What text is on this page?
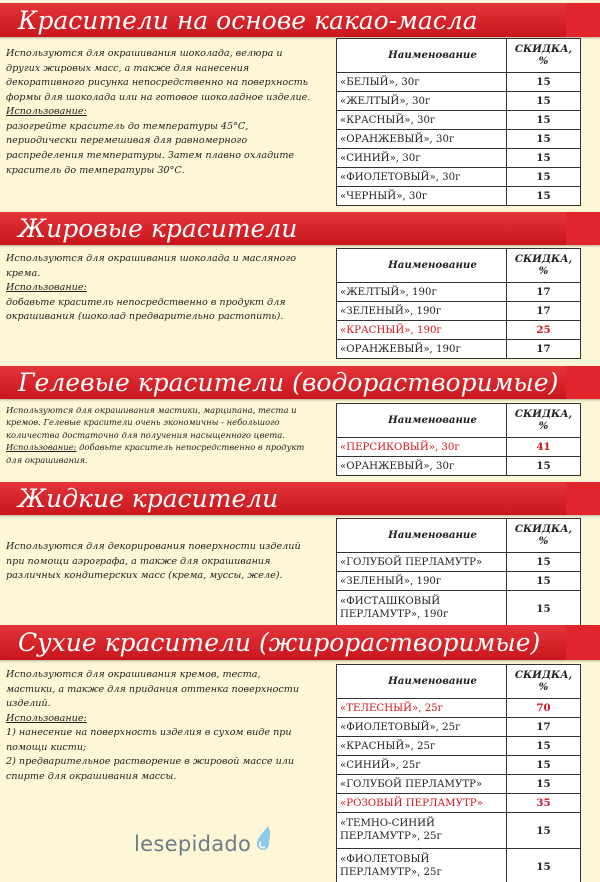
Красители на основе какао-масла

Используются для окрашивания шоколада, велюра и

других жировых масс, а также для нанесения

декоративного рисунка непосредственно на поверхность

формы для шоколада или на готовое шоколадное изделие.

Использование:

разогрейте краситель до температуры 45°С,

периодически перемешивая для равномерного

распределения температуры. Затем плавно охладите

краситель до температуры 30°С.

Наименование	СКИДКА, %
«БЕЛЫЙ», 30г	15
«ЖЕЛТЫЙ», 30г	15
«КРАСНЫЙ», 30г	15
«ОРАНЖЕВЫЙ», 30г	15
«СИНИЙ», 30г	15
«ФИОЛЕТОВЫЙ», 30г	15
«ЧЕРНЫЙ», 30г	15
Жировые красители

Используются для окрашивания шоколада и масляного

крема.

Использование:

добавьте краситель непосредственно в продукт для

окрашивания (шоколад предварительно растопить).

Наименование	СКИДКА, %
«ЖЕЛТЫЙ», 190г	17
«ЗЕЛЕНЫЙ», 190г	17
«КРАСНЫЙ», 190г	25
«ОРАНЖЕВЫЙ», 190г	17
Гелевые красители (водорастворимые)

Используются для окрашивания мастики, марципана, теста и

кремов. Гелевые красители очень экономичны - небольшого

количества достаточно для получения насыщенного цвета.

Использование: добавьте краситель непосредственно в продукт

для окрашивания.

Наименование	СКИДКА, %
«ПЕРСИКОВЫЙ», 30г	41
«ОРАНЖЕВЫЙ», 30г	15
Жидкие красители

Используются для декорирования поверхности изделий

при помощи аэрографа, а также для окрашивания

различных кондитерских масс (крема, муссы, желе).

Наименование	СКИДКА, %
«ГОЛУБОЙ ПЕРЛАМУТР»	15
«ЗЕЛЕНЫЙ», 190г	15
«ФИСТАШКОВЫЙ ПЕРЛАМУТР», 190г	15
Сухие красители (жирорастворимые)

Используются для окрашивания кремов, теста,

мастики, а также для придания оттенка поверхности

изделий.

Использование:

1) нанесение на поверхность изделия в сухом виде при

помощи кисти;

2) предварительное растворение в жировой массе или

спирте для окрашивания массы.

Наименование	СКИДКА, %
«ТЕЛЕСНЫЙ», 25г	70
«ФИОЛЕТОВЫЙ», 25г	17
«КРАСНЫЙ», 25г	15
«СИНИЙ», 25г	15
«ГОЛУБОЙ ПЕРЛАМУТР»	15
«РОЗОВЫЙ ПЕРЛАМУТР»	35
«ТЕМНО-СИНИЙ ПЕРЛАМУТР», 25г	15
«ФИОЛЕТОВЫЙ ПЕРЛАМУТР», 25г	15
lesepidado
